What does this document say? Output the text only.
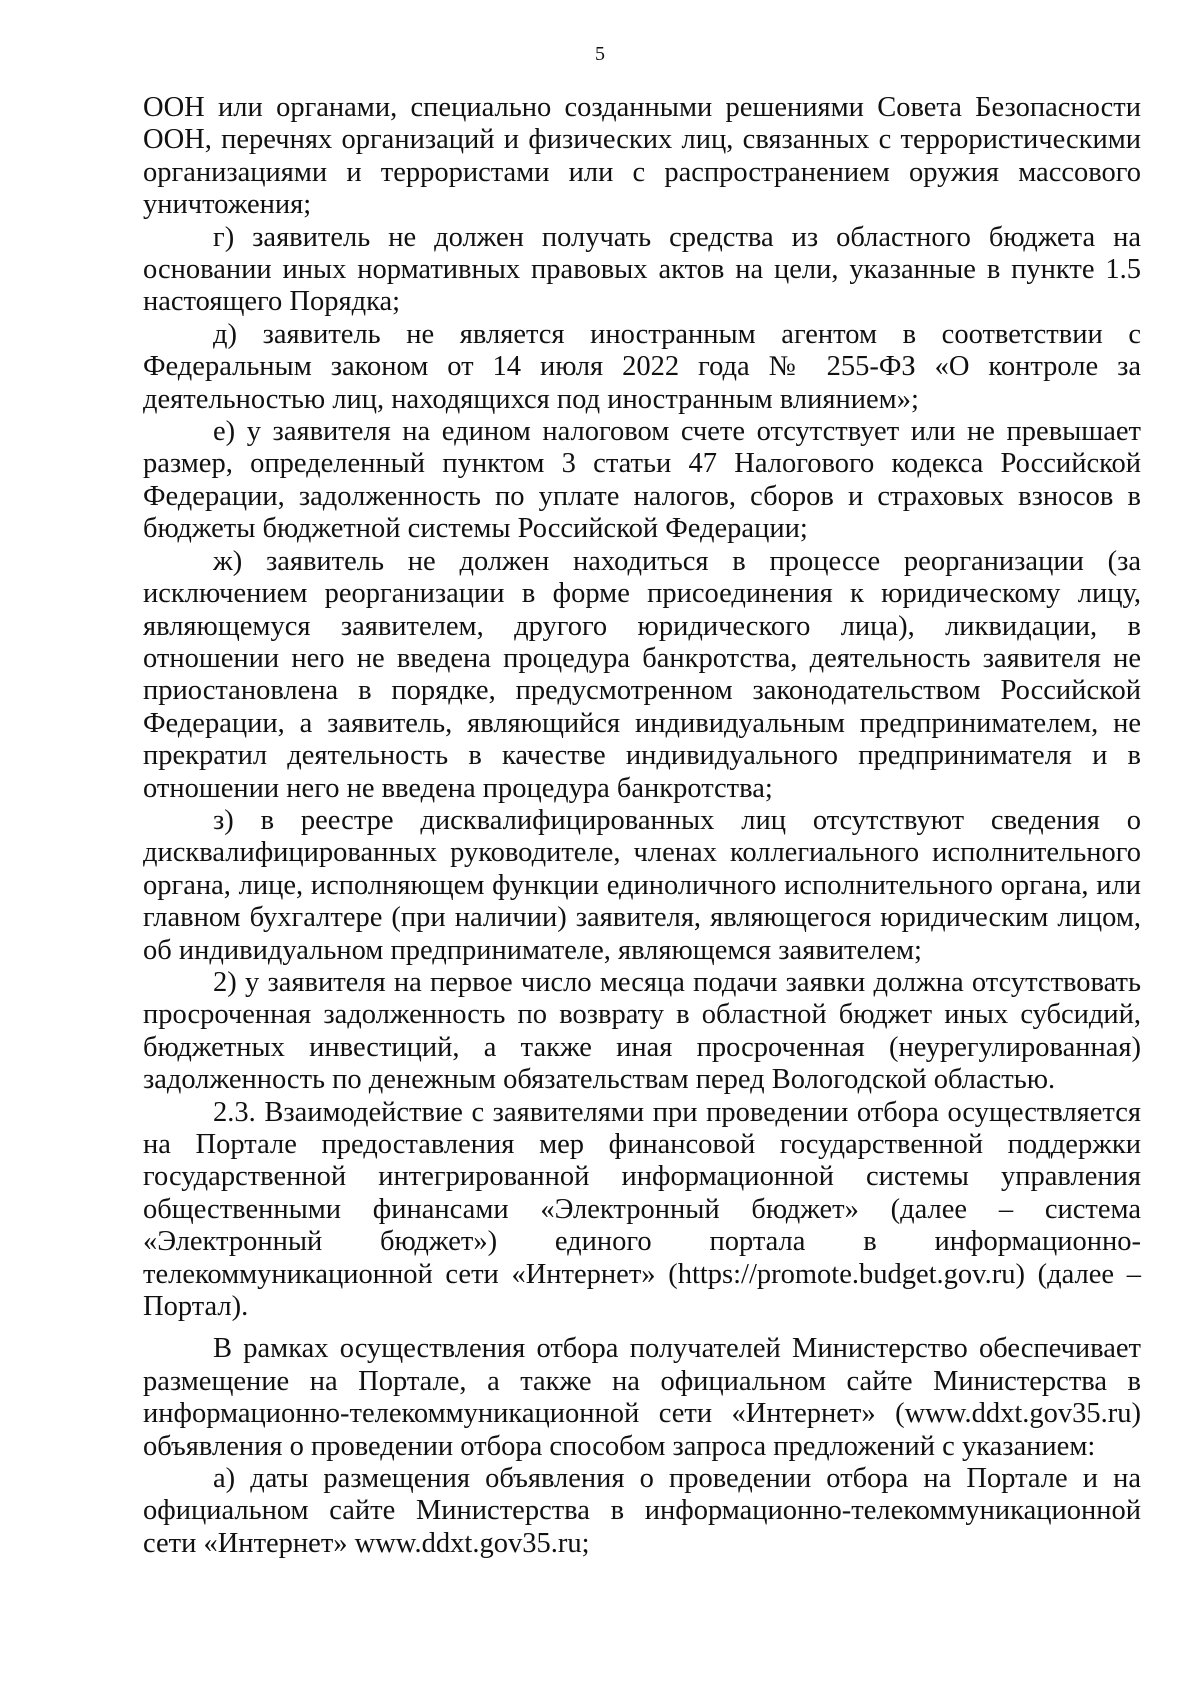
5

ООН или органами, специально созданными решениями Совета Безопасности ООН, перечнях организаций и физических лиц, связанных с террористическими организациями и террористами или с распространением оружия массового уничтожения;

г) заявитель не должен получать средства из областного бюджета на основании иных нормативных правовых актов на цели, указанные в пункте 1.5 настоящего Порядка;

д) заявитель не является иностранным агентом в соответствии с Федеральным законом от 14 июля 2022 года № 255-ФЗ «О контроле за деятельностью лиц, находящихся под иностранным влиянием»;

е) у заявителя на едином налоговом счете отсутствует или не превышает размер, определенный пунктом 3 статьи 47 Налогового кодекса Российской Федерации, задолженность по уплате налогов, сборов и страховых взносов в бюджеты бюджетной системы Российской Федерации;

ж) заявитель не должен находиться в процессе реорганизации (за исключением реорганизации в форме присоединения к юридическому лицу, являющемуся заявителем, другого юридического лица), ликвидации, в отношении него не введена процедура банкротства, деятельность заявителя не приостановлена в порядке, предусмотренном законодательством Российской Федерации, а заявитель, являющийся индивидуальным предпринимателем, не прекратил деятельность в качестве индивидуального предпринимателя и в отношении него не введена процедура банкротства;

з) в реестре дисквалифицированных лиц отсутствуют сведения о дисквалифицированных руководителе, членах коллегиального исполнительного органа, лице, исполняющем функции единоличного исполнительного органа, или главном бухгалтере (при наличии) заявителя, являющегося юридическим лицом, об индивидуальном предпринимателе, являющемся заявителем;

2) у заявителя на первое число месяца подачи заявки должна отсутствовать просроченная задолженность по возврату в областной бюджет иных субсидий, бюджетных инвестиций, а также иная просроченная (неурегулированная) задолженность по денежным обязательствам перед Вологодской областью.

2.3. Взаимодействие с заявителями при проведении отбора осуществляется на Портале предоставления мер финансовой государственной поддержки государственной интегрированной информационной системы управления общественными финансами «Электронный бюджет» (далее – система «Электронный бюджет») единого портала в информационно-телекоммуникационной сети «Интернет» (https://promote.budget.gov.ru) (далее – Портал).

В рамках осуществления отбора получателей Министерство обеспечивает размещение на Портале, а также на официальном сайте Министерства в информационно-телекоммуникационной сети «Интернет» (www.ddxt.gov35.ru) объявления о проведении отбора способом запроса предложений с указанием:

а) даты размещения объявления о проведении отбора на Портале и на официальном сайте Министерства в информационно-телекоммуникационной сети «Интернет» www.ddxt.gov35.ru;
